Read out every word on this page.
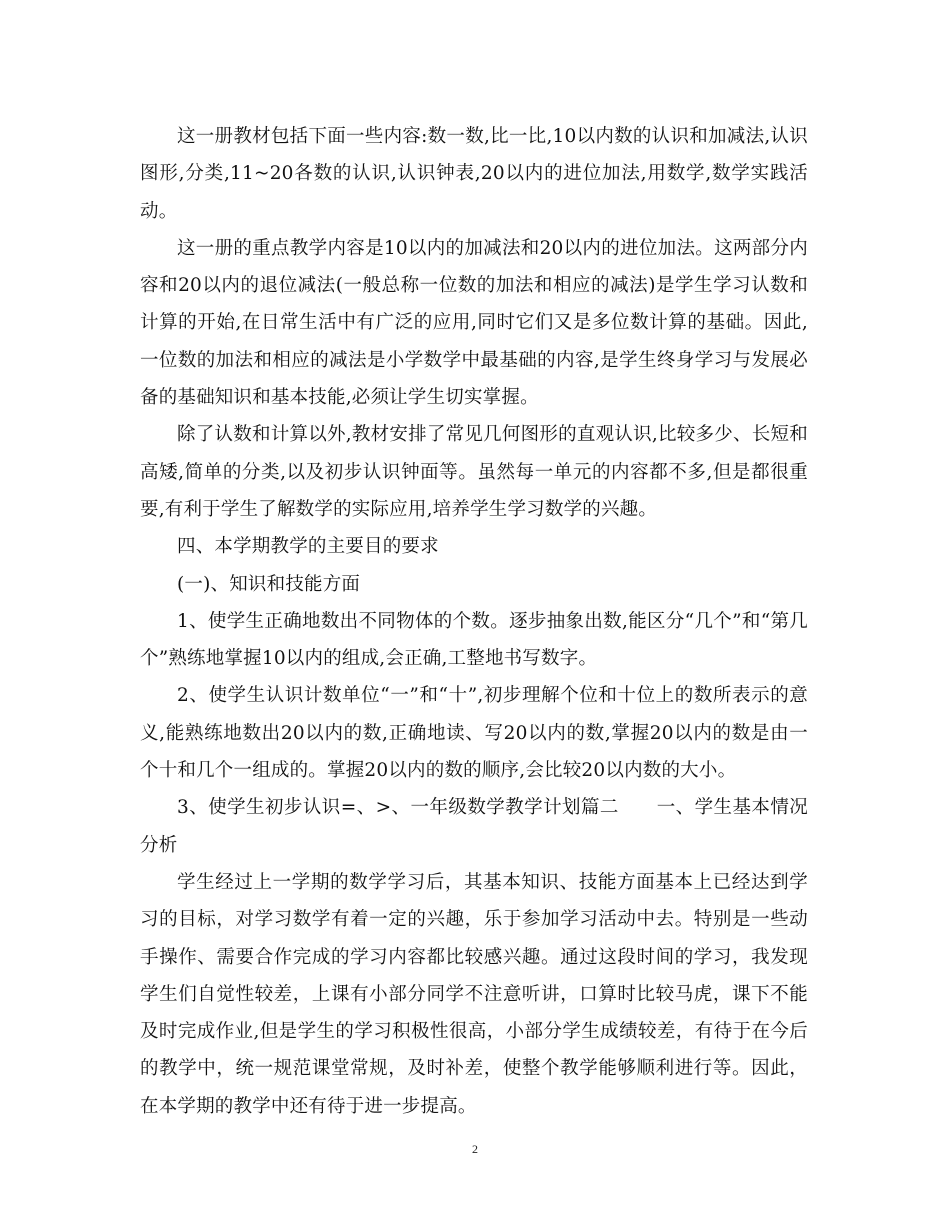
这一册教材包括下面一些内容:数一数,比一比,10以内数的认识和加减法,认识图形,分类,11~20各数的认识,认识钟表,20以内的进位加法,用数学,数学实践活动。

这一册的重点教学内容是10以内的加减法和20以内的进位加法。这两部分内容和20以内的退位减法(一般总称一位数的加法和相应的减法)是学生学习认数和计算的开始,在日常生活中有广泛的应用,同时它们又是多位数计算的基础。因此,一位数的加法和相应的减法是小学数学中最基础的内容,是学生终身学习与发展必备的基础知识和基本技能,必须让学生切实掌握。

除了认数和计算以外,教材安排了常见几何图形的直观认识,比较多少、长短和高矮,简单的分类,以及初步认识钟面等。虽然每一单元的内容都不多,但是都很重要,有利于学生了解数学的实际应用,培养学生学习数学的兴趣。

四、本学期教学的主要目的要求

(一)、知识和技能方面

1、使学生正确地数出不同物体的个数。逐步抽象出数,能区分“几个”和“第几个”熟练地掌握10以内的组成,会正确,工整地书写数字。

2、使学生认识计数单位“一”和“十”,初步理解个位和十位上的数所表示的意义,能熟练地数出20以内的数,正确地读、写20以内的数,掌握20以内的数是由一个十和几个一组成的。掌握20以内的数的顺序,会比较20以内数的大小。

3、使学生初步认识=、>、一年级数学教学计划篇二　　一、学生基本情况分析

学生经过上一学期的数学学习后，其基本知识、技能方面基本上已经达到学习的目标，对学习数学有着一定的兴趣，乐于参加学习活动中去。特别是一些动手操作、需要合作完成的学习内容都比较感兴趣。通过这段时间的学习，我发现学生们自觉性较差，上课有小部分同学不注意听讲，口算时比较马虎，课下不能及时完成作业,但是学生的学习积极性很高，小部分学生成绩较差，有待于在今后的教学中，统一规范课堂常规，及时补差，使整个教学能够顺利进行等。因此，在本学期的教学中还有待于进一步提高。

2
